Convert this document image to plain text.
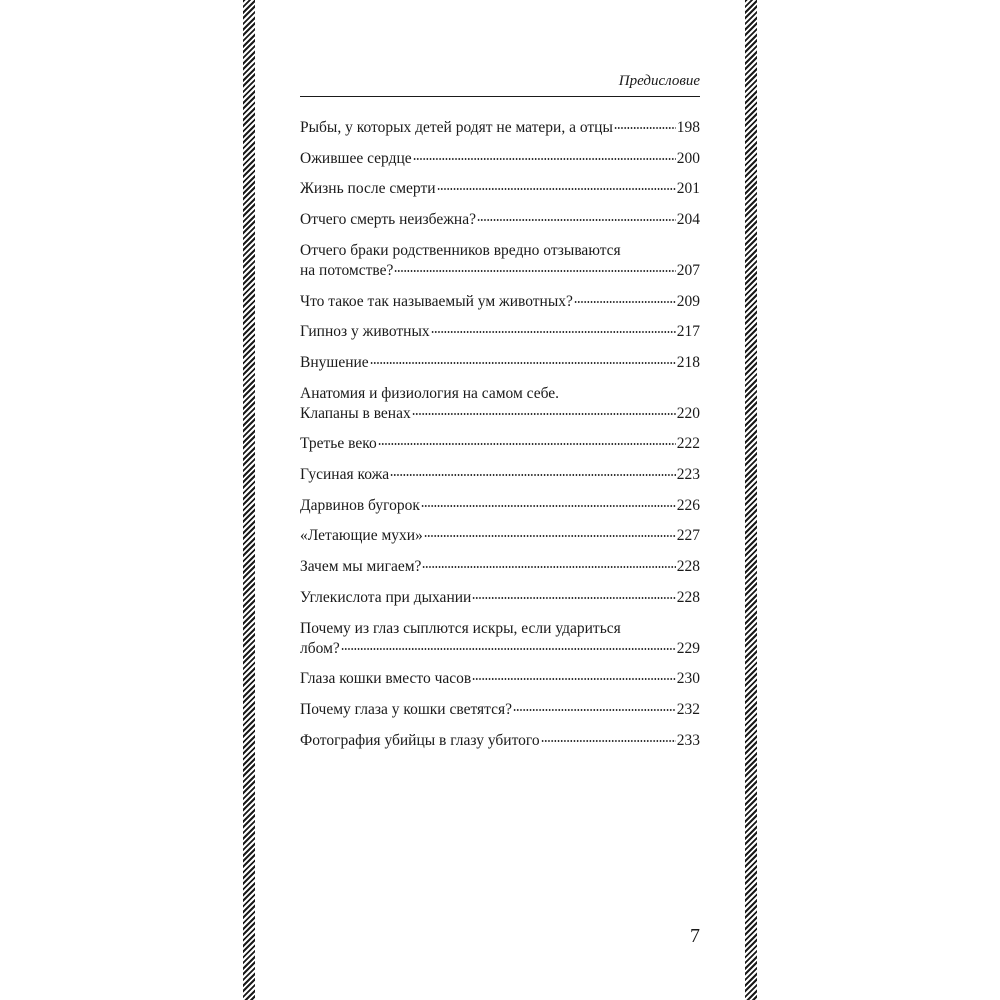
Предисловие
Рыбы, у которых детей родят не матери, а отцы	198
Ожившее сердце	200
Жизнь после смерти	201
Отчего смерть неизбежна?	204
Отчего браки родственников вредно отзываются
на потомстве?	207
Что такое так называемый ум животных?	209
Гипноз у животных	217
Внушение	218
Анатомия и физиология на самом себе.
Клапаны в венах	220
Третье веко	222
Гусиная кожа	223
Дарвинов бугорок	226
«Летающие мухи»	227
Зачем мы мигаем?	228
Углекислота при дыхании	228
Почему из глаз сыплются искры, если удариться
лбом?	229
Глаза кошки вместо часов	230
Почему глаза у кошки светятся?	232
Фотография убийцы в глазу убитого	233
7
